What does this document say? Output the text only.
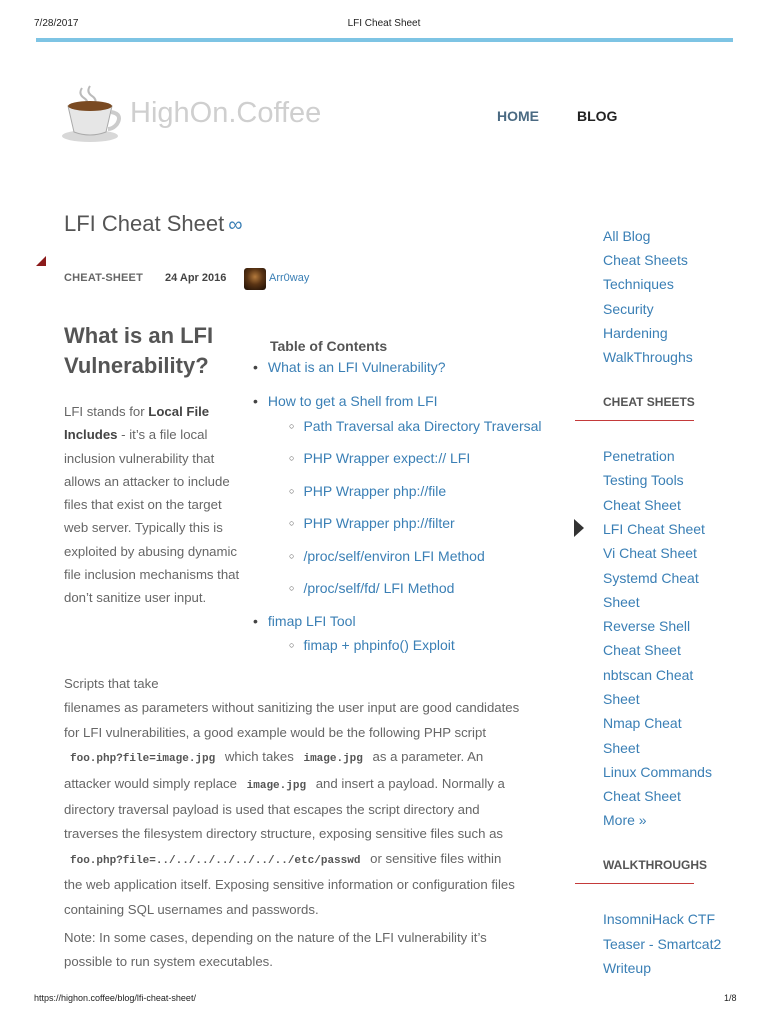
7/28/2017	LFI Cheat Sheet
HighOn.Coffee	HOME	BLOG
LFI Cheat Sheet ∞
CHEAT-SHEET 24 Apr 2016	Arr0way
What is an LFI Vulnerability?

LFI stands for Local File Includes - it’s a file local inclusion vulnerability that allows an attacker to include files that exist on the target web server. Typically this is exploited by abusing dynamic file inclusion mechanisms that don’t sanitize user input.

Table of Contents
• What is an LFI Vulnerability?
• How to get a Shell from LFI
○ Path Traversal aka Directory Traversal
○ PHP Wrapper expect:// LFI
○ PHP Wrapper php://file
○ PHP Wrapper php://filter
○ /proc/self/environ LFI Method
○ /proc/self/fd/ LFI Method
• fimap LFI Tool
○ fimap + phpinfo() Exploit
Scripts that take
filenames as parameters without sanitizing the user input are good candidates
for LFI vulnerabilities, a good example would be the following PHP script
foo.php?file=image.jpg which takes image.jpg as a parameter. An
attacker would simply replace image.jpg and insert a payload. Normally a
directory traversal payload is used that escapes the script directory and
traverses the filesystem directory structure, exposing sensitive files such as
foo.php?file=../../../../../../../etc/passwd or sensitive files within
the web application itself. Exposing sensitive information or configuration files
containing SQL usernames and passwords.
Note: In some cases, depending on the nature of the LFI vulnerability it’s
possible to run system executables.
All Blog
Cheat Sheets
Techniques
Security
Hardening
WalkThroughs
CHEAT SHEETS
Penetration
Testing Tools
Cheat Sheet
LFI Cheat Sheet
Vi Cheat Sheet
Systemd Cheat
Sheet
Reverse Shell
Cheat Sheet
nbtscan Cheat
Sheet
Nmap Cheat
Sheet
Linux Commands
Cheat Sheet
More »
WALKTHROUGHS
InsomniHack CTF
Teaser - Smartcat2
Writeup
https://highon.coffee/blog/lfi-cheat-sheet/	1/8
